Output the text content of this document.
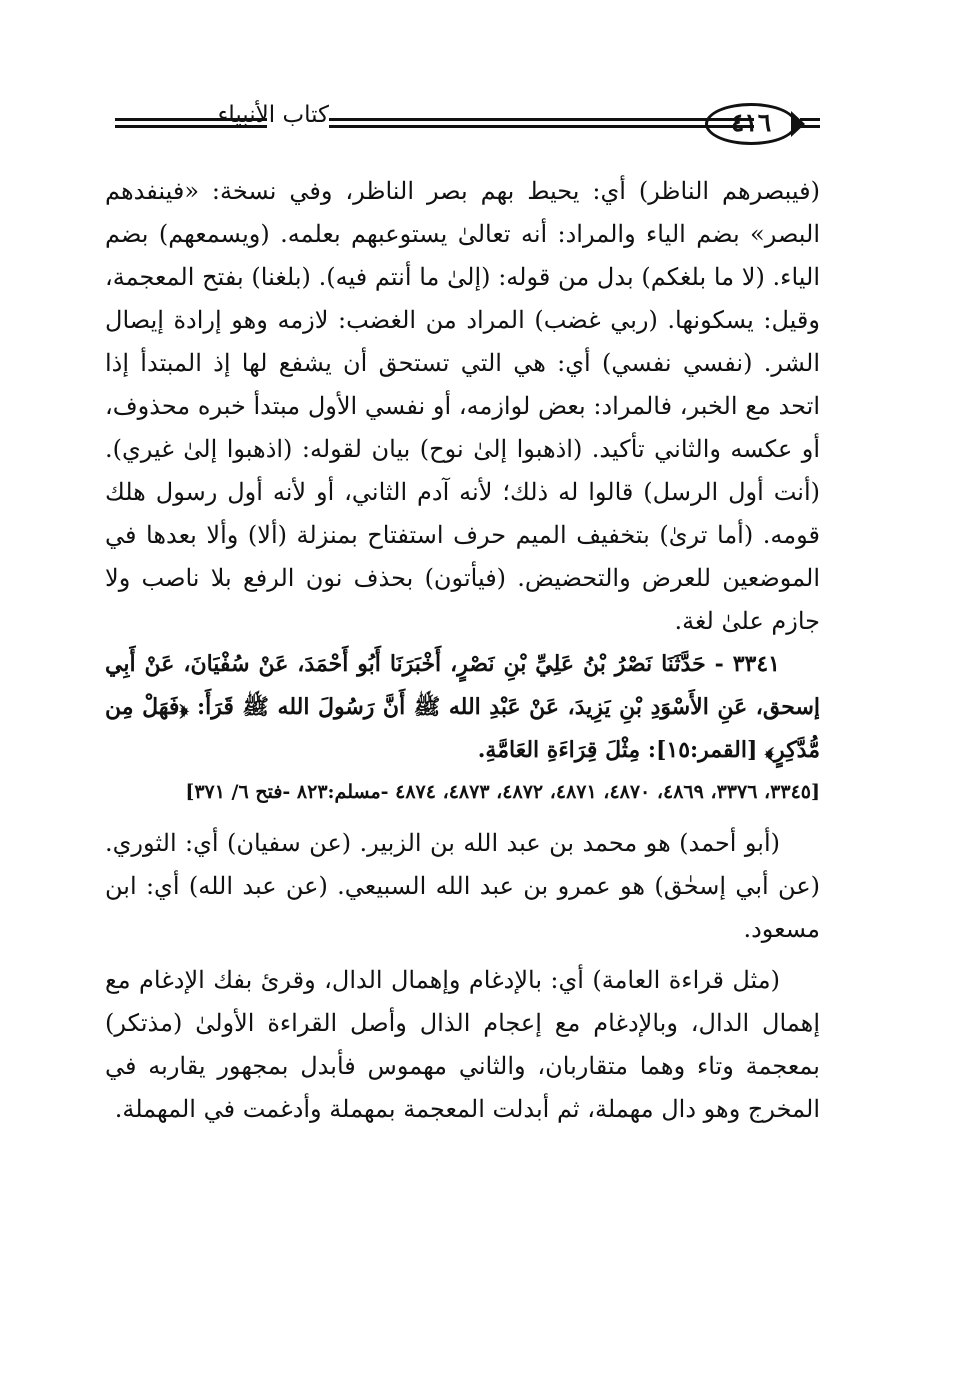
كتاب الأنبياء	٤١٦

(فيبصرهم الناظر) أي: يحيط بهم بصر الناظر، وفي نسخة: «فينفدهم البصر» بضم الياء والمراد: أنه تعالىٰ يستوعبهم بعلمه. (ويسمعهم) بضم الياء. (لا ما بلغكم) بدل من قوله: (إلىٰ ما أنتم فيه). (بلغنا) بفتح المعجمة، وقيل: يسكونها. (ربي غضب) المراد من الغضب: لازمه وهو إرادة إيصال الشر. (نفسي نفسي) أي: هي التي تستحق أن يشفع لها إذ المبتدأ إذا اتحد مع الخبر، فالمراد: بعض لوازمه، أو نفسي الأول مبتدأ خبره محذوف، أو عكسه والثاني تأكيد. (اذهبوا إلىٰ نوح) بيان لقوله: (اذهبوا إلىٰ غيري). (أنت أول الرسل) قالوا له ذلك؛ لأنه آدم الثاني، أو لأنه أول رسول هلك قومه. (أما ترىٰ) بتخفيف الميم حرف استفتاح بمنزلة (ألا) وألا بعدها في الموضعين للعرض والتحضيض. (فيأتون) بحذف نون الرفع بلا ناصب ولا جازم علىٰ لغة.

٣٣٤١ - حَدَّثَنَا نَصْرُ بْنُ عَلِيِّ بْنِ نَصْرٍ، أَخْبَرَنَا أَبُو أَحْمَدَ، عَنْ سُفْيَانَ، عَنْ أَبِي إسحق، عَنِ الأَسْوَدِ بْنِ يَزِيدَ، عَنْ عَبْدِ الله ﷺ أَنَّ رَسُولَ الله ﷺ قَرَأَ: ﴿فَهَلْ مِن مُّدَّكِرٍ﴾ [القمر:١٥]: مِثْلَ قِرَاءَةِ العَامَّةِ.

[٣٣٤٥، ٣٣٧٦، ٤٨٦٩، ٤٨٧٠، ٤٨٧١، ٤٨٧٢، ٤٨٧٣، ٤٨٧٤ -مسلم:٨٢٣ -فتح ٦/ ٣٧١]

(أبو أحمد) هو محمد بن عبد الله بن الزبير. (عن سفيان) أي: الثوري. (عن أبي إسحٰق) هو عمرو بن عبد الله السبيعي. (عن عبد الله) أي: ابن مسعود.

(مثل قراءة العامة) أي: بالإدغام وإهمال الدال، وقرئ بفك الإدغام مع إهمال الدال، وبالإدغام مع إعجام الذال وأصل القراءة الأولىٰ (مذتكر) بمعجمة وتاء وهما متقاربان، والثاني مهموس فأبدل بمجهور يقاربه في المخرج وهو دال مهملة، ثم أبدلت المعجمة بمهملة وأدغمت في المهملة.
